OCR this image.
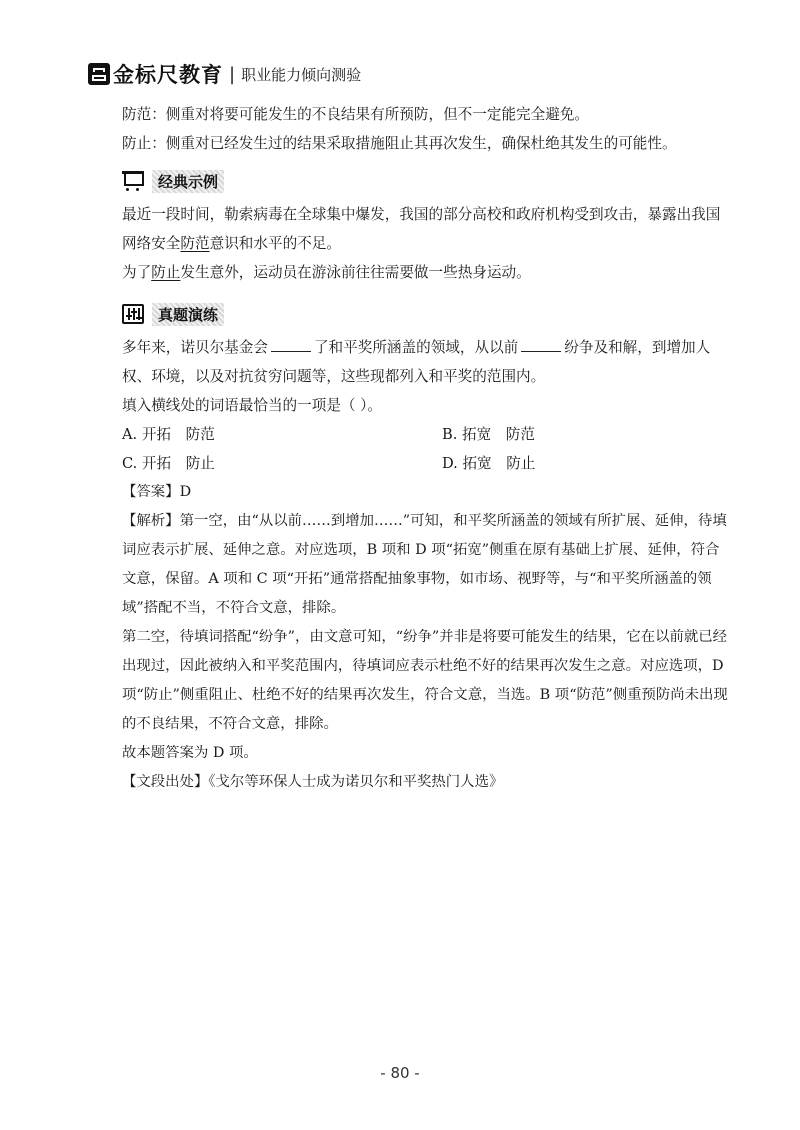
金标尺教育 | 职业能力倾向测验

防范：侧重对将要可能发生的不良结果有所预防，但不一定能完全避免。

防止：侧重对已经发生过的结果采取措施阻止其再次发生，确保杜绝其发生的可能性。

经典示例

最近一段时间，勒索病毒在全球集中爆发，我国的部分高校和政府机构受到攻击，暴露出我国网络安全防范意识和水平的不足。

为了防止发生意外，运动员在游泳前往往需要做一些热身运动。

真题演练

多年来，诺贝尔基金会	了和平奖所涵盖的领域，从以前	纷争及和解，到增加人权、环境，以及对抗贫穷问题等，这些现都列入和平奖的范围内。

填入横线处的词语最恰当的一项是（ ）。

A. 开拓　防范	B. 拓宽　防范
C. 开拓　防止	D. 拓宽　防止

【答案】D

【解析】第一空，由“从以前……到增加……”可知，和平奖所涵盖的领域有所扩展、延伸，待填词应表示扩展、延伸之意。对应选项，B 项和 D 项“拓宽”侧重在原有基础上扩展、延伸，符合文意，保留。A 项和 C 项“开拓”通常搭配抽象事物，如市场、视野等，与“和平奖所涵盖的领域”搭配不当，不符合文意，排除。

第二空，待填词搭配“纷争”，由文意可知，“纷争”并非是将要可能发生的结果，它在以前就已经出现过，因此被纳入和平奖范围内，待填词应表示杜绝不好的结果再次发生之意。对应选项，D 项“防止”侧重阻止、杜绝不好的结果再次发生，符合文意，当选。B 项“防范”侧重预防尚未出现的不良结果，不符合文意，排除。

故本题答案为 D 项。

【文段出处】《戈尔等环保人士成为诺贝尔和平奖热门人选》

- 80 -
